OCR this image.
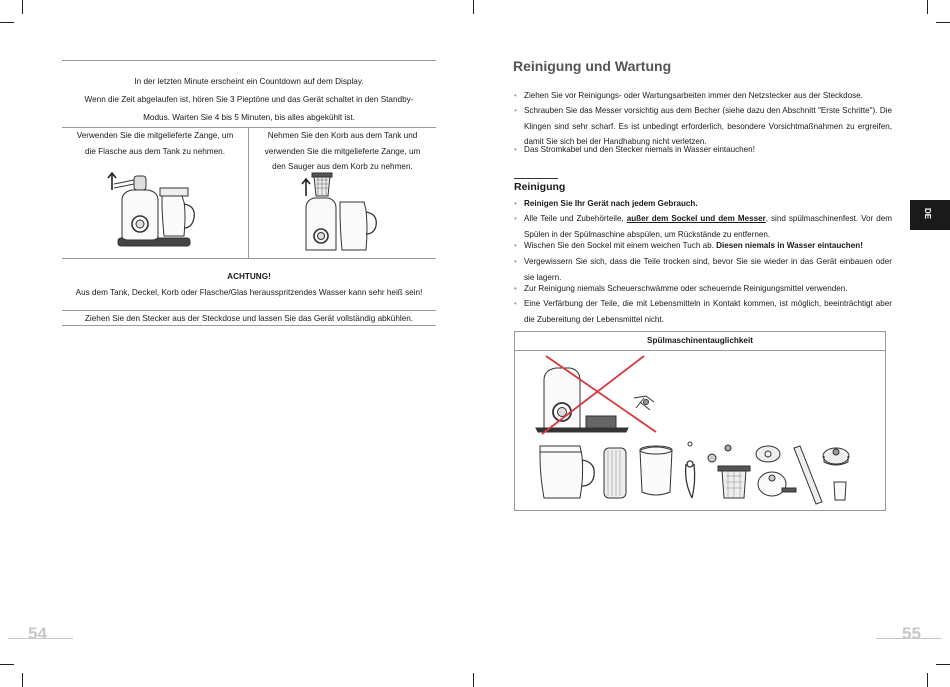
In der letzten Minute erscheint ein Countdown auf dem Display.
Wenn die Zeit abgelaufen ist, hören Sie 3 Pieptöne und das Gerät schaltet in den Standby-
Modus. Warten Sie 4 bis 5 Minuten, bis alles abgekühlt ist.
Verwenden Sie die mitgelieferte Zange, um
die Flasche aus dem Tank zu nehmen.
Nehmen Sie den Korb aus dem Tank und
verwenden Sie die mitgelieferte Zange, um
den Sauger aus dem Korb zu nehmen.
ACHTUNG!
Aus dem Tank, Deckel, Korb oder Flasche/Glas herausspritzendes Wasser kann sehr heiß sein!
Ziehen Sie den Stecker aus der Steckdose und lassen Sie das Gerät vollständig abkühlen.
54
Reinigung und Wartung
• Ziehen Sie vor Reinigungs- oder Wartungsarbeiten immer den Netzstecker aus der Steckdose.
• Schrauben Sie das Messer vorsichtig aus dem Becher (siehe dazu den Abschnitt "Erste Schritte"). Die Klingen sind sehr scharf. Es ist unbedingt erforderlich, besondere Vorsichtmaßnahmen zu ergreifen, damit Sie sich bei der Handhabung nicht verletzen.
• Das Stromkabel und den Stecker niemals in Wasser eintauchen!
Reinigung
• Reinigen Sie Ihr Gerät nach jedem Gebrauch.
• Alle Teile und Zubehörteile, außer dem Sockel und dem Messer, sind spülmaschinenfest. Vor dem Spülen in der Spülmaschine abspülen, um Rückstände zu entfernen.
• Wischen Sie den Sockel mit einem weichen Tuch ab. Diesen niemals in Wasser eintauchen!
• Vergewissern Sie sich, dass die Teile trocken sind, bevor Sie sie wieder in das Gerät einbauen oder sie lagern.
• Zur Reinigung niemals Scheuerschwämme oder scheuernde Reinigungsmittel verwenden.
• Eine Verfärbung der Teile, die mit Lebensmitteln in Kontakt kommen, ist möglich, beeinträchtigt aber die Zubereitung der Lebensmittel nicht.
DE
Spülmaschinentauglichkeit
55
